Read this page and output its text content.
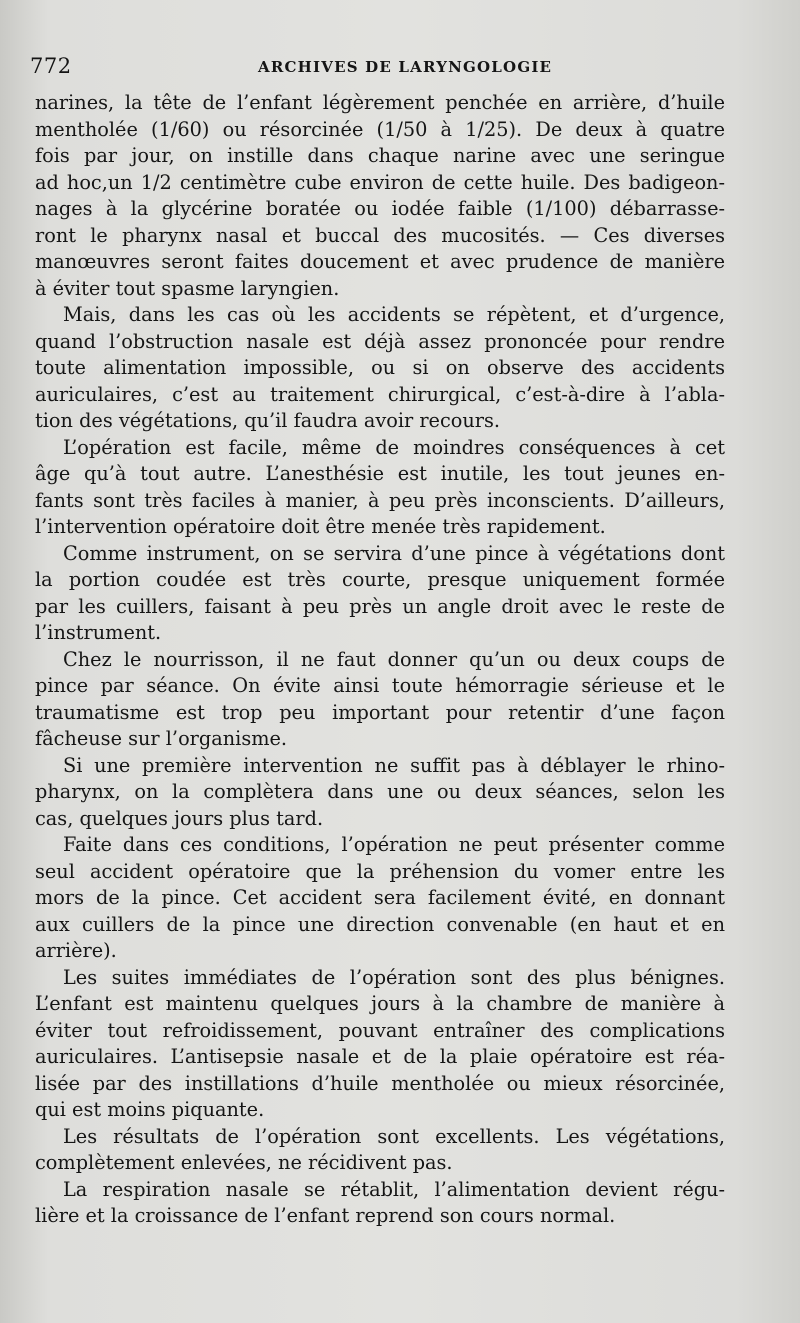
772	ARCHIVES DE LARYNGOLOGIE
narines, la tête de l’enfant légèrement penchée en arrière, d’huile
mentholée (1/60) ou résorcinée (1/50 à 1/25). De deux à quatre
fois par jour, on instille dans chaque narine avec une seringue
ad hoc,un 1/2 centimètre cube environ de cette huile. Des badigeon-
nages à la glycérine boratée ou iodée faible (1/100) débarrasse-
ront le pharynx nasal et buccal des mucosités. — Ces diverses
manœuvres seront faites doucement et avec prudence de manière
à éviter tout spasme laryngien.
Mais, dans les cas où les accidents se répètent, et d’urgence,
quand l’obstruction nasale est déjà assez prononcée pour rendre
toute alimentation impossible, ou si on observe des accidents
auriculaires, c’est au traitement chirurgical, c’est-à-dire à l’abla-
tion des végétations, qu’il faudra avoir recours.
L’opération est facile, même de moindres conséquences à cet
âge qu’à tout autre. L’anesthésie est inutile, les tout jeunes en-
fants sont très faciles à manier, à peu près inconscients. D’ailleurs,
l’intervention opératoire doit être menée très rapidement.
Comme instrument, on se servira d’une pince à végétations dont
la portion coudée est très courte, presque uniquement formée
par les cuillers, faisant à peu près un angle droit avec le reste de
l’instrument.
Chez le nourrisson, il ne faut donner qu’un ou deux coups de
pince par séance. On évite ainsi toute hémorragie sérieuse et le
traumatisme est trop peu important pour retentir d’une façon
fâcheuse sur l’organisme.
Si une première intervention ne suffit pas à déblayer le rhino-
pharynx, on la complètera dans une ou deux séances, selon les
cas, quelques jours plus tard.
Faite dans ces conditions, l’opération ne peut présenter comme
seul accident opératoire que la préhension du vomer entre les
mors de la pince. Cet accident sera facilement évité, en donnant
aux cuillers de la pince une direction convenable (en haut et en
arrière).
Les suites immédiates de l’opération sont des plus bénignes.
L’enfant est maintenu quelques jours à la chambre de manière à
éviter tout refroidissement, pouvant entraîner des complications
auriculaires. L’antisepsie nasale et de la plaie opératoire est réa-
lisée par des instillations d’huile mentholée ou mieux résorcinée,
qui est moins piquante.
Les résultats de l’opération sont excellents. Les végétations,
complètement enlevées, ne récidivent pas.
La respiration nasale se rétablit, l’alimentation devient régu-
lière et la croissance de l’enfant reprend son cours normal.
